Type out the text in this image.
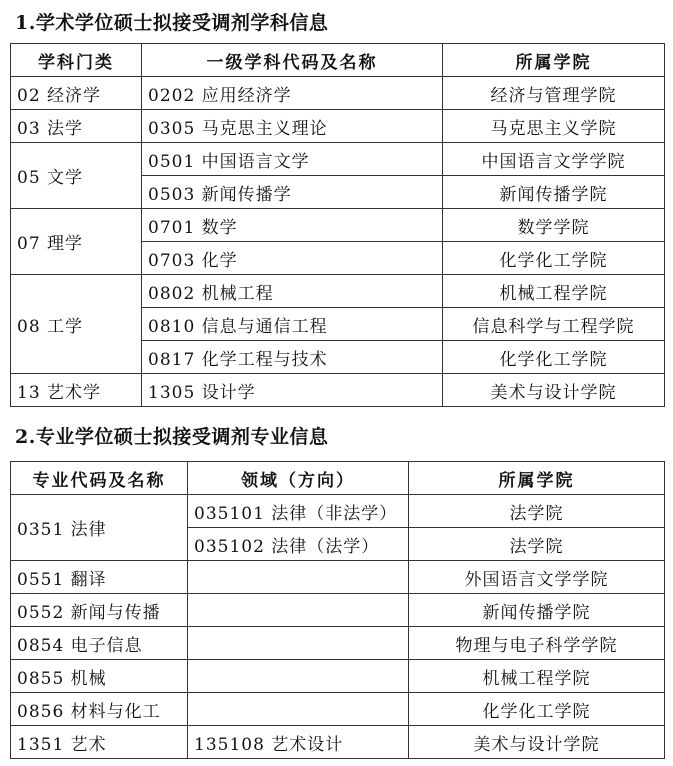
1.学术学位硕士拟接受调剂学科信息
学科门类	一级学科代码及名称	所属学院
02 经济学	0202 应用经济学	经济与管理学院
03 法学	0305 马克思主义理论	马克思主义学院
05 文学	0501 中国语言文学	中国语言文学学院
	0503 新闻传播学	新闻传播学院
07 理学	0701 数学	数学学院
	0703 化学	化学化工学院
08 工学	0802 机械工程	机械工程学院
	0810 信息与通信工程	信息科学与工程学院
	0817 化学工程与技术	化学化工学院
13 艺术学	1305 设计学	美术与设计学院
2.专业学位硕士拟接受调剂专业信息
专业代码及名称	领域（方向）	所属学院
0351 法律	035101 法律（非法学）	法学院
	035102 法律（法学）	法学院
0551 翻译		外国语言文学学院
0552 新闻与传播		新闻传播学院
0854 电子信息		物理与电子科学学院
0855 机械		机械工程学院
0856 材料与化工		化学化工学院
1351 艺术	135108 艺术设计	美术与设计学院
